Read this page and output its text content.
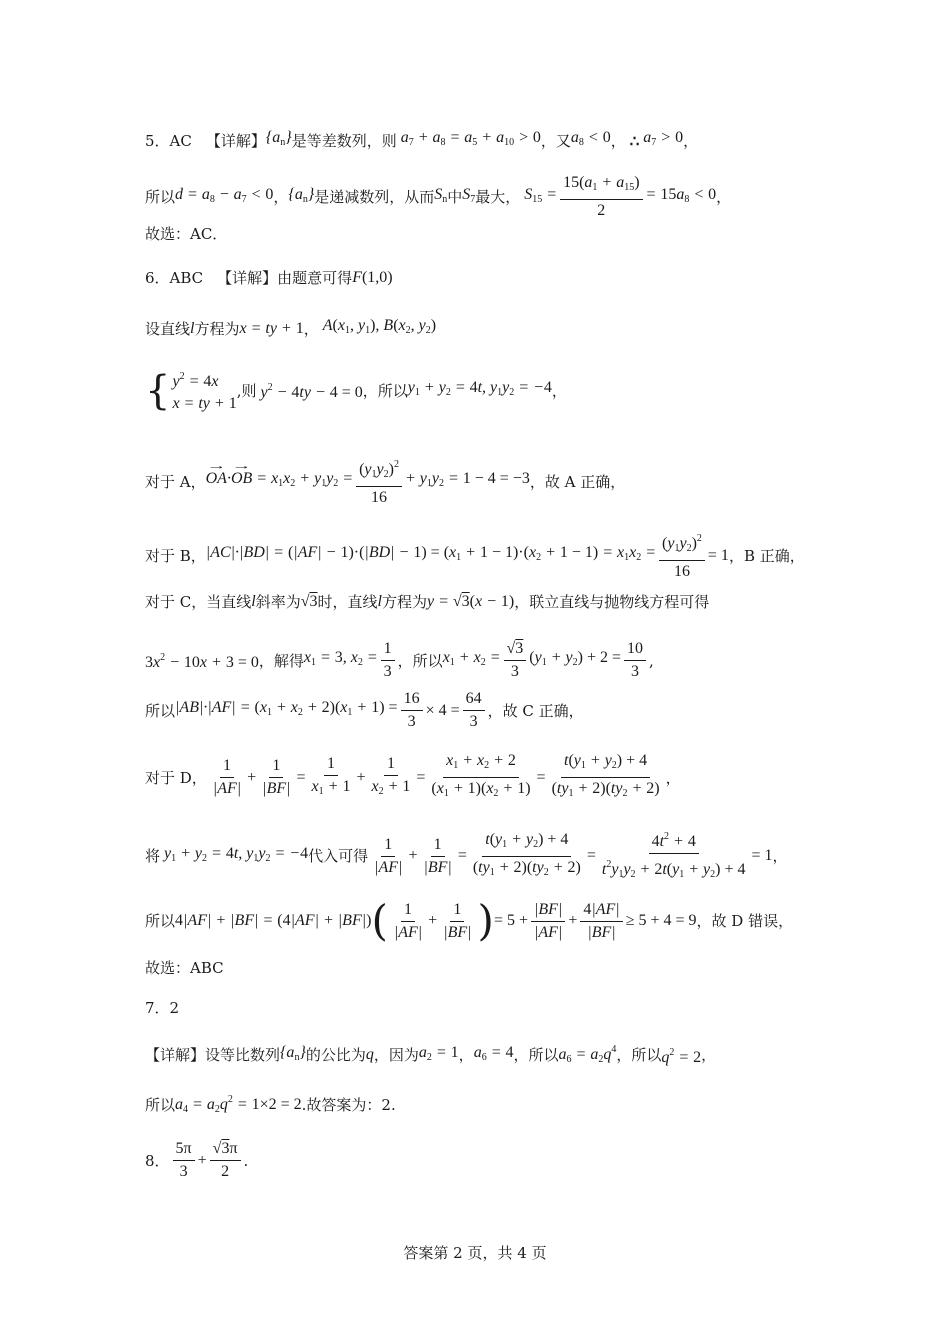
5．AC 【详解】 $\{a_n\}$ 是等差数列，则 $a_7 + a_8 = a_5 + a_{10} > 0$ ，又 $a_8 < 0$ ， ∴ $a_7 > 0$ ，
所以 $d = a_8 - a_7 < 0$ ， $\{a_n\}$ 是递减数列，从而 $S_n$ 中 $S_7$ 最大， $S_{15} = \frac{15(a_1 + a_{15})}{2} = 15a_8 < 0$ ，
故选：AC．
6．ABC 【详解】 由题意可得 F(1,0)
设直线 l 方程为 x = ty + 1 ， $A(x_1$, $y_1$), $B(x_2$, $y_2$)
{ $y^2 = 4x$
x = ty + 1
, 则 $y^2 - 4ty - 4 = 0$ ，所以 $y_1 + y_2 = 4t$, $y_1y_2 = -4$ ，
对于 A， → OA·→ OB = $x_1x_2 + y_1y_2 = \frac{(y_1y_2)^2}{16} + y_1y_2 = 1 - 4 = -3$ ，故 A 正确，
对于 B， $|AC|\cdot|BD| = (|AF| - 1)\cdot(|BD| - 1) = (x_1 + 1 - 1)\cdot(x_2 + 1 - 1) = x_1x_2 = \frac{(y_1y_2)^2}{16} = 1$ ，B 正确，
对于 C，当直线 l 斜率为 √3 时，直线 l 方程为 y = √3(x − 1) ，联立直线与抛物线方程可得
$3x^2 - 10x + 3 = 0$ ，解得 $x_1 = 3$, $x_2 = \frac{1}{3}$ ，所以 $x_1 + x_2 = \frac{√3}{3} (y_1 + y_2) + 2 = \frac{10}{3}$ ,
所以 $|AB|\cdot|AF| = (x_1 + x_2 + 2)(x_1 + 1) = \frac{16}{3} \times 4 = \frac{64}{3}$ ，故 C 正确，
对于 D， $\frac{1}{|AF|} + \frac{1}{|BF|} = \frac{1}{x_1 + 1} + \frac{1}{x_2 + 1} = \frac{x_1 + x_2 + 2}{(x_1 + 1)(x_2 + 1)} = \frac{t(y_1 + y_2) + 4}{(ty_1 + 2)(ty_2 + 2)}$ ，
将 $y_1 + y_2 = 4t$, $y_1y_2 = -4$ 代入可得 $\frac{1}{|AF|} + \frac{1}{|BF|} = \frac{t(y_1 + y_2) + 4}{(ty_1 + 2)(ty_2 + 2)} = \frac{4t^2 + 4}{t^2y_1y_2 + 2t(y_1 + y_2) + 4} = 1$ ，
所以 4|AF| + |BF| = (4|AF| + |BF|) ( $\frac{1}{|AF|} + \frac{1}{|BF|}$ ) = $5 + \frac{|BF|}{|AF|} + \frac{4|AF|}{|BF|} \ge 5 + 4 = 9$ ，故 D 错误，
故选：ABC
7．2
【详解】 设等比数列 $\{a_n\}$ 的公比为 q ，因为 $a_2 = 1$ ， $a_6 = 4$ ， 所以 $a_6 = a_2q^4$ ，所以 $q^2 = 2$ ，
所以 $a_4 = a_2q^2 = 1\times 2 = 2$ .故答案为：2.
8． $\frac{5\pi}{3} + \frac{√3\pi}{2}$ .
答案第 2 页，共 4 页
